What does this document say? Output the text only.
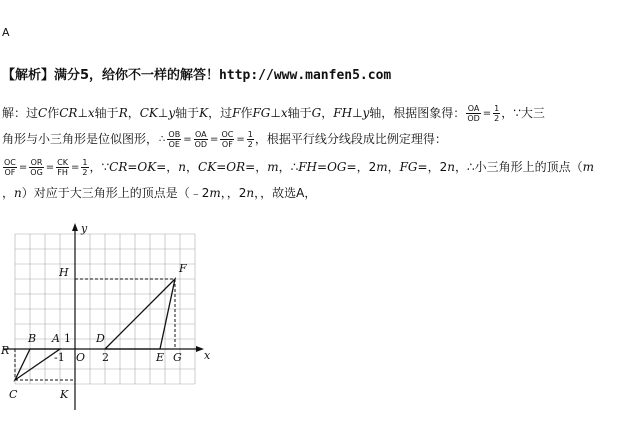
A
【解析】满分5，给你不一样的解答！http://www.manfen5.com
解：过C作CR⊥x轴于R，CK⊥y轴于K，过F作FG⊥x轴于G，FH⊥y轴，根据图象得： $\frac{OA}{OD} = \frac{1}{2}$ ，∵大三
角形与小三角形是位似图形，∴ $\frac{OB}{OE} = \frac{OA}{OD} = \frac{OC}{OF} = \frac{1}{2}$ ，根据平行线分线段成比例定理得：
$\frac{OC}{OF} = \frac{OR}{OG} = \frac{CK}{FH} = \frac{1}{2}$ ，∵CR=OK=，n，CK=OR=，m，∴FH=OG=，2m，FG=，2n，∴小三角形上的顶点（m
，n）对应于大三角形上的顶点是（﹣2m，，2n，，故选A，
y
x
H	F
R
B A 1 D
E G
-1 O 2
C	K
